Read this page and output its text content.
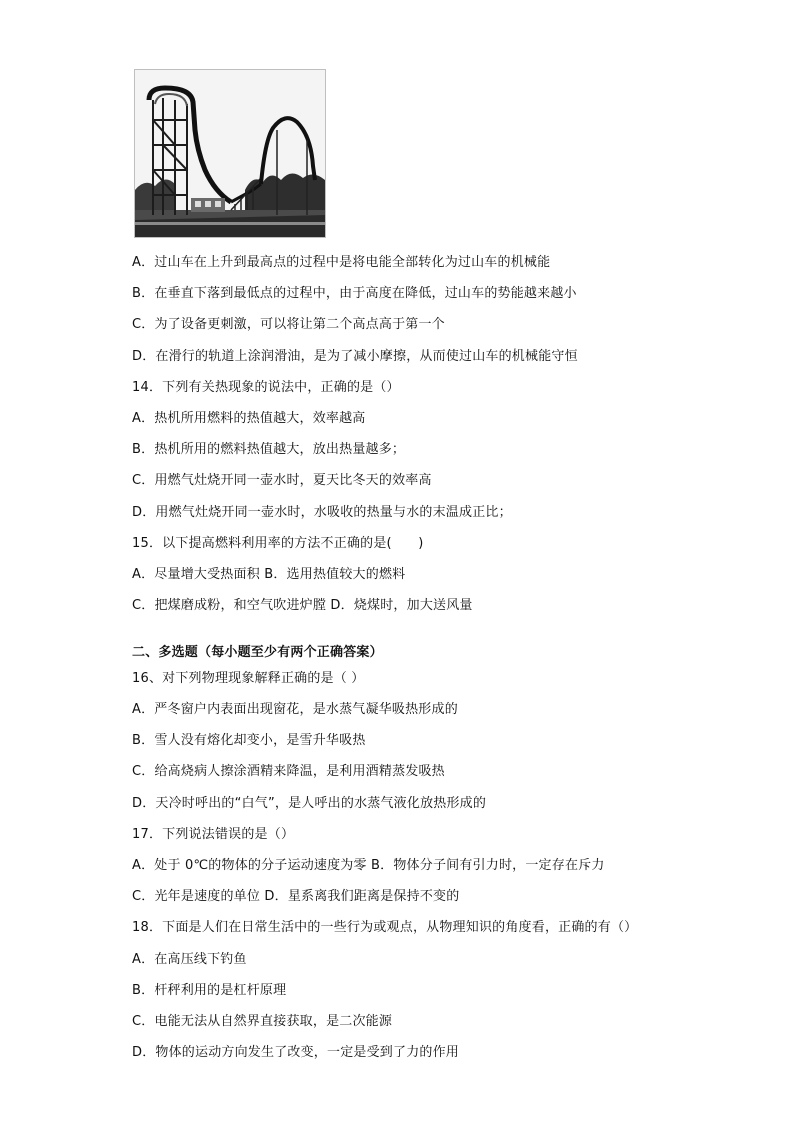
A．过山车在上升到最高点的过程中是将电能全部转化为过山车的机械能
B．在垂直下落到最低点的过程中，由于高度在降低，过山车的势能越来越小
C．为了设备更刺激，可以将让第二个高点高于第一个
D．在滑行的轨道上涂润滑油，是为了减小摩擦，从而使过山车的机械能守恒
14．下列有关热现象的说法中，正确的是（）
A．热机所用燃料的热值越大，效率越高
B．热机所用的燃料热值越大，放出热量越多；
C．用燃气灶烧开同一壶水时，夏天比冬天的效率高
D．用燃气灶烧开同一壶水时，水吸收的热量与水的末温成正比；
15．以下提高燃料利用率的方法不正确的是(　　)
A．尽量增大受热面积 B．选用热值较大的燃料
C．把煤磨成粉，和空气吹进炉膛 D．烧煤时，加大送风量
二、多选题（每小题至少有两个正确答案）
16、对下列物理现象解释正确的是（ ）
A．严冬窗户内表面出现窗花，是水蒸气凝华吸热形成的
B．雪人没有熔化却变小，是雪升华吸热
C．给高烧病人擦涂酒精来降温，是利用酒精蒸发吸热
D．天冷时呼出的“白气”，是人呼出的水蒸气液化放热形成的
17．下列说法错误的是（）
A．处于 0℃的物体的分子运动速度为零 B．物体分子间有引力时，一定存在斥力
C．光年是速度的单位 D．星系离我们距离是保持不变的
18．下面是人们在日常生活中的一些行为或观点，从物理知识的角度看，正确的有（）
A．在高压线下钓鱼
B．杆秤利用的是杠杆原理
C．电能无法从自然界直接获取，是二次能源
D．物体的运动方向发生了改变，一定是受到了力的作用
